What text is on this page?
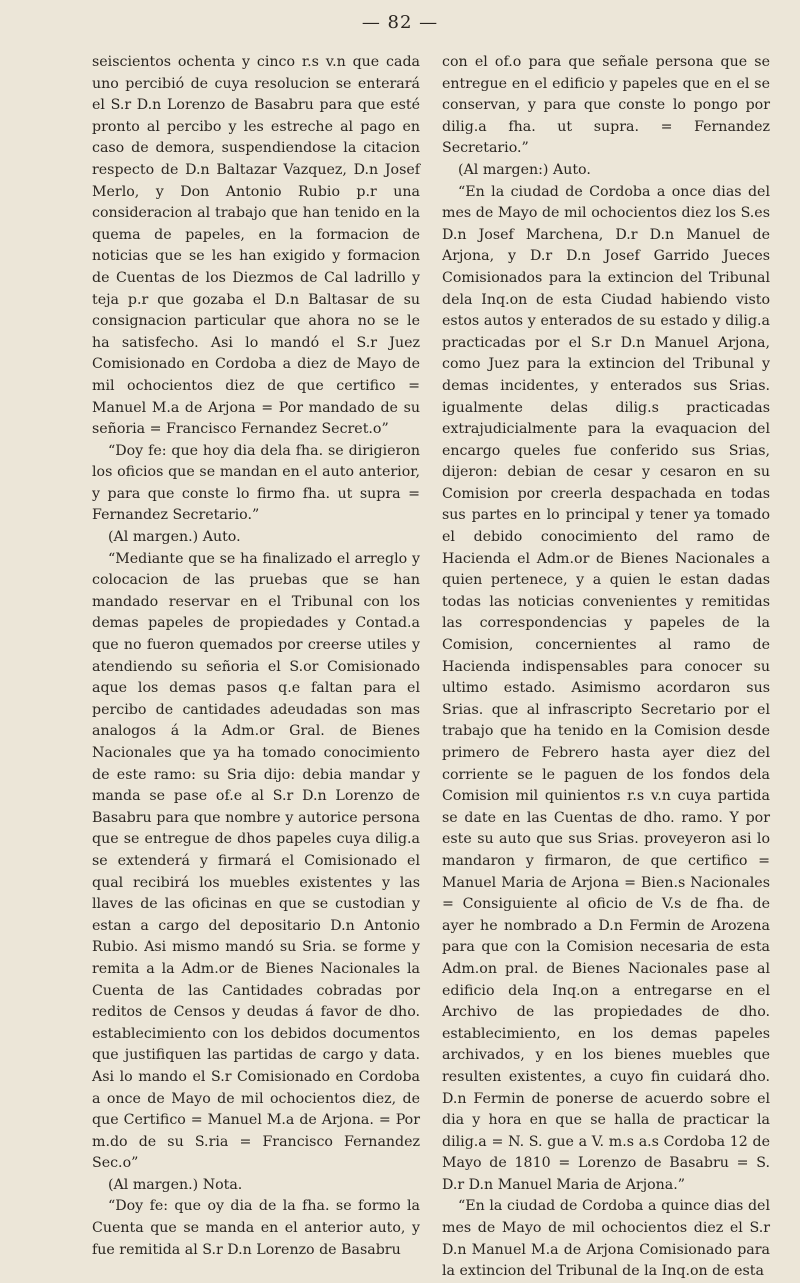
— 82 —

seiscientos ochenta y cinco r.s v.n que cada uno percibió de cuya resolucion se enterará el S.r D.n Lorenzo de Basabru para que esté pronto al percibo y les estreche al pago en caso de demora, suspendiendose la citacion respecto de D.n Baltazar Vazquez, D.n Josef Merlo, y Don Antonio Rubio p.r una consideracion al trabajo que han tenido en la quema de papeles, en la formacion de noticias que se les han exigido y formacion de Cuentas de los Diezmos de Cal ladrillo y teja p.r que gozaba el D.n Baltasar de su consignacion particular que ahora no se le ha satisfecho. Asi lo mandó el S.r Juez Comisionado en Cordoba a diez de Mayo de mil ochocientos diez de que certifico = Manuel M.a de Arjona = Por mandado de su señoria = Francisco Fernandez Secret.o”

“Doy fe: que hoy dia dela fha. se dirigieron los oficios que se mandan en el auto anterior, y para que conste lo firmo fha. ut supra = Fernandez Secretario.”

(Al margen.) Auto.

“Mediante que se ha finalizado el arreglo y colocacion de las pruebas que se han mandado reservar en el Tribunal con los demas papeles de propiedades y Contad.a que no fueron quemados por creerse utiles y atendiendo su señoria el S.or Comisionado aque los demas pasos q.e faltan para el percibo de cantidades adeudadas son mas analogos á la Adm.or Gral. de Bienes Nacionales que ya ha tomado conocimiento de este ramo: su Sria dijo: debia mandar y manda se pase of.e al S.r D.n Lorenzo de Basabru para que nombre y autorice persona que se entregue de dhos papeles cuya dilig.a se extenderá y firmará el Comisionado el qual recibirá los muebles existentes y las llaves de las oficinas en que se custodian y estan a cargo del depositario D.n Antonio Rubio. Asi mismo mandó su Sria. se forme y remita a la Adm.or de Bienes Nacionales la Cuenta de las Cantidades cobradas por reditos de Censos y deudas á favor de dho. establecimiento con los debidos documentos que justifiquen las partidas de cargo y data. Asi lo mando el S.r Comisionado en Cordoba a once de Mayo de mil ochocientos diez, de que Certifico = Manuel M.a de Arjona. = Por m.do de su S.ria = Francisco Fernandez Sec.o”

(Al margen.) Nota.

“Doy fe: que oy dia de la fha. se formo la Cuenta que se manda en el anterior auto, y fue remitida al S.r D.n Lorenzo de Basabru

con el of.o para que señale persona que se entregue en el edificio y papeles que en el se conservan, y para que conste lo pongo por dilig.a fha. ut supra. = Fernandez Secretario.”

(Al margen:) Auto.

“En la ciudad de Cordoba a once dias del mes de Mayo de mil ochocientos diez los S.es D.n Josef Marchena, D.r D.n Manuel de Arjona, y D.r D.n Josef Garrido Jueces Comisionados para la extincion del Tribunal dela Inq.on de esta Ciudad habiendo visto estos autos y enterados de su estado y dilig.a practicadas por el S.r D.n Manuel Arjona, como Juez para la extincion del Tribunal y demas incidentes, y enterados sus Srias. igualmente delas dilig.s practicadas extrajudicialmente para la evaquacion del encargo queles fue conferido sus Srias, dijeron: debian de cesar y cesaron en su Comision por creerla despachada en todas sus partes en lo principal y tener ya tomado el debido conocimiento del ramo de Hacienda el Adm.or de Bienes Nacionales a quien pertenece, y a quien le estan dadas todas las noticias convenientes y remitidas las correspondencias y papeles de la Comision, concernientes al ramo de Hacienda indispensables para conocer su ultimo estado. Asimismo acordaron sus Srias. que al infrascripto Secretario por el trabajo que ha tenido en la Comision desde primero de Febrero hasta ayer diez del corriente se le paguen de los fondos dela Comision mil quinientos r.s v.n cuya partida se date en las Cuentas de dho. ramo. Y por este su auto que sus Srias. proveyeron asi lo mandaron y firmaron, de que certifico = Manuel Maria de Arjona = Bien.s Nacionales = Consiguiente al oficio de V.s de fha. de ayer he nombrado a D.n Fermin de Arozena para que con la Comision necesaria de esta Adm.on pral. de Bienes Nacionales pase al edificio dela Inq.on a entregarse en el Archivo de las propiedades de dho. establecimiento, en los demas papeles archivados, y en los bienes muebles que resulten existentes, a cuyo fin cuidará dho. D.n Fermin de ponerse de acuerdo sobre el dia y hora en que se halla de practicar la dilig.a = N. S. gue a V. m.s a.s Cordoba 12 de Mayo de 1810 = Lorenzo de Basabru = S. D.r D.n Manuel Maria de Arjona.”

“En la ciudad de Cordoba a quince dias del mes de Mayo de mil ochocientos diez el S.r D.n Manuel M.a de Arjona Comisionado para la extincion del Tribunal de la Inq.on de esta
